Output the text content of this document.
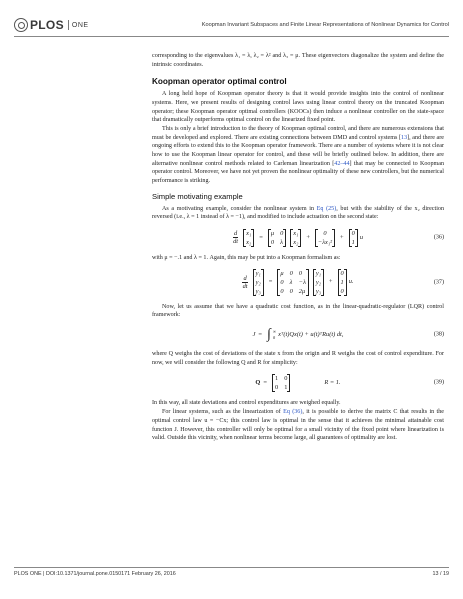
PLOS ONE	Koopman Invariant Subspaces and Finite Linear Representations of Nonlinear Dynamics for Control

corresponding to the eigenvalues λ₁ = λ, λ₂ = λ² and λ₃ = μ. These eigenvectors diagonalize the system and define the intrinsic coordinates.

Koopman operator optimal control

A long held hope of Koopman operator theory is that it would provide insights into the control of nonlinear systems. Here, we present results of designing control laws using linear control theory on the truncated Koopman operator; these Koopman operator optimal controllers (KOOCs) then induce a nonlinear controller on the state-space that dramatically outperforms optimal control on the linearized fixed point.

This is only a brief introduction to the theory of Koopman optimal control, and there are numerous extensions that must be developed and explored. There are existing connections between DMD and control systems [13], and there are ongoing efforts to extend this to the Koopman operator framework. There are a number of systems where it is not clear how to use the Koopman linear operator for control, and these will be briefly outlined below. In addition, there are alternative nonlinear control methods related to Carleman linearization [42–44] that may be connected to Koopman operator control. Moreover, we have not yet proven the nonlinear optimality of these new controllers, but the numerical performance is striking.

Simple motivating example

As a motivating example, consider the nonlinear system in Eq (25), but with the stability of the x₂ direction reversed (i.e., λ = 1 instead of λ = −1), and modified to include actuation on the second state:

$\frac{d}{dt} x_1$
x₂
=
μ 0
0 λ
x₁
x₂
+
0
−λx₁²
+
0
1
u	(36)

with μ = −.1 and λ = 1. Again, this may be put into a Koopman formalism as:

$\frac{d}{dt}$
y₁
y₂
y₃
=
μ 0 0
0 λ −λ
0 0 2μ
y₁
y₂
y₃
+
0
1
0
u.	(37)

Now, let us assume that we have a quadratic cost function, as in the linear-quadratic-regulator (LQR) control framework:

J = ∫ ∞
0 xᵀ(t)Qx(t) + u(t)ᵀRu(t) dt,	(38)

where Q weighs the cost of deviations of the state x from the origin and R weighs the cost of control expenditure. For now, we will consider the following Q and R for simplicity:

Q =
1 0
0 1
R = 1.	(39)

In this way, all state deviations and control expenditures are weighed equally.

For linear systems, such as the linearization of Eq (36), it is possible to derive the matrix C that results in the optimal control law u = −Cx; this control law is optimal in the sense that it achieves the minimal attainable cost function J. However, this controller will only be optimal for a small vicinity of the fixed point where linearization is valid. Outside this vicinity, when nonlinear terms become large, all guarantees of optimality are lost.

PLOS ONE | DOI:10.1371/journal.pone.0150171 February 26, 2016	13 / 19
